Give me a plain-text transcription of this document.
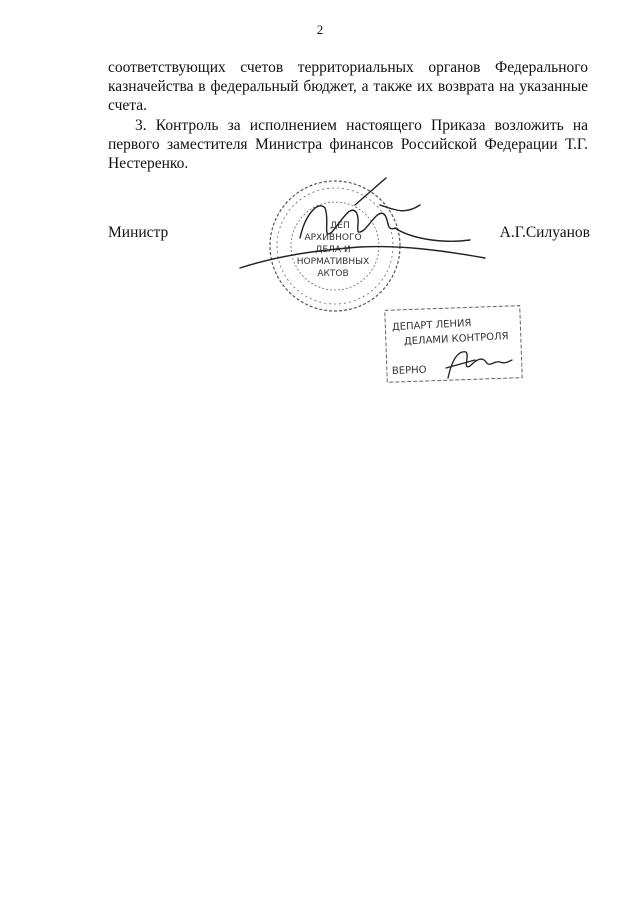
2
соответствующих счетов территориальных органов Федерального казначейства в федеральный бюджет, а также их возврата на указанные счета.
3. Контроль за исполнением настоящего Приказа возложить на первого заместителя Министра финансов Российской Федерации Т.Г. Нестеренко.
Министр	А.Г.Силуанов
ДЕП
АРХИВНОГО
ДЕЛА И
НОРМАТИВНЫХ
АКТОВ
ДЕПАРТ ЛЕНИЯ
ДЕЛАМИ КОНТРОЛЯ
ВЕРНО
